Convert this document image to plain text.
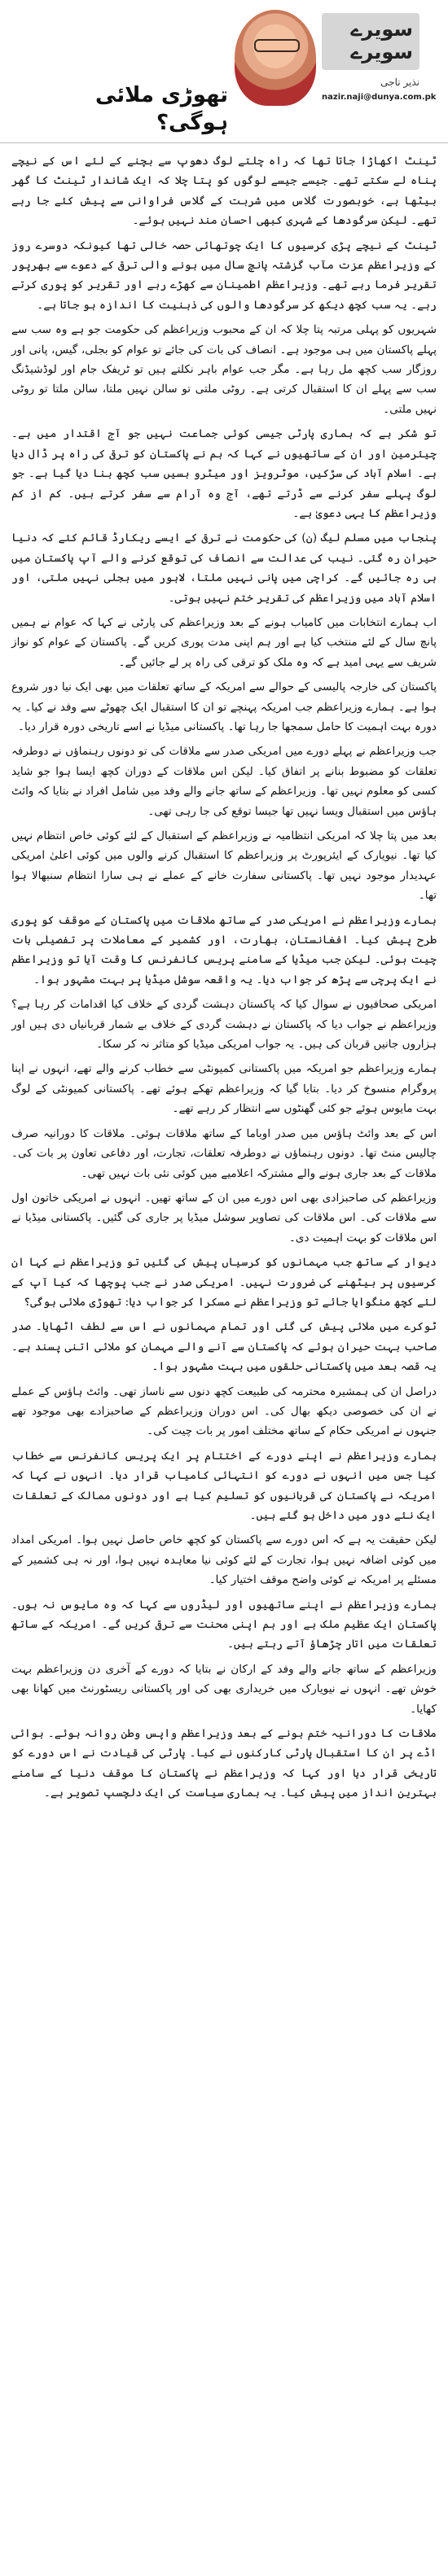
سویرے
سویرے
نذیر ناجی
nazir.naji@dunya.com.pk
تھوڑی ملائی ہوگی؟

ٹینٹ اکھاڑا جاتا تھا کہ راہ چلتے لوگ دھوپ سے بچنے کے لئے اس کے نیچے پناہ لے سکتے تھے۔ جیسے جیسے لوگوں کو پتا چلا کہ ایک شاندار ٹینٹ کا گھر بیٹھا ہے، خوبصورت گلاس میں شربت کے گلاس فراوانی سے پیش کئے جا رہے تھے۔ لیکن سرگودھا کے شہری کبھی احسان مند نہیں ہوئے۔

ٹینٹ کے نیچے پڑی کرسیوں کا ایک چوتھائی حصہ خالی تھا کیونکہ دوسرے روز کے وزیراعظم عزت مآب گزشتہ پانچ سال میں ہونے والی ترقی کے دعوے سے بھرپور تقریر فرما رہے تھے۔ وزیراعظم اطمینان سے کھڑے رہے اور تقریر کو پوری کرتے رہے۔ یہ سب کچھ دیکھ کر سرگودھا والوں کی ذہنیت کا اندازہ ہو جاتا ہے۔

شہریوں کو پہلی مرتبہ پتا چلا کہ ان کے محبوب وزیراعظم کی حکومت جو ہے وہ سب سے پہلے پاکستان میں ہی موجود ہے۔ انصاف کی بات کی جائے تو عوام کو بجلی، گیس، پانی اور روزگار سب کچھ مل رہا ہے۔ مگر جب عوام باہر نکلتے ہیں تو ٹریفک جام اور لوڈشیڈنگ سب سے پہلے ان کا استقبال کرتی ہے۔ روٹی ملتی تو سالن نہیں ملتا، سالن ملتا تو روٹی نہیں ملتی۔

تو شکر ہے کہ ہماری پارٹی جیسی کوئی جماعت نہیں جو آج اقتدار میں ہے۔ چیئرمین اور ان کے ساتھیوں نے کہا کہ ہم نے پاکستان کو ترقی کی راہ پر ڈال دیا ہے۔ اسلام آباد کی سڑکیں، موٹرویز اور میٹرو بسیں سب کچھ بنا دیا گیا ہے۔ جو لوگ پہلے سفر کرنے سے ڈرتے تھے، آج وہ آرام سے سفر کرتے ہیں۔ کم از کم وزیراعظم کا یہی دعویٰ ہے۔

پنجاب میں مسلم لیگ (ن) کی حکومت نے ترقی کے ایسے ریکارڈ قائم کئے کہ دنیا حیران رہ گئی۔ نیب کی عدالت سے انصاف کی توقع کرنے والے آپ پاکستان میں ہی رہ جائیں گے۔ کراچی میں پانی نہیں ملتا، لاہور میں بجلی نہیں ملتی، اور اسلام آباد میں وزیراعظم کی تقریر ختم نہیں ہوتی۔

اب ہمارے انتخابات میں کامیاب ہونے کے بعد وزیراعظم کی پارٹی نے کہا کہ عوام نے ہمیں پانچ سال کے لئے منتخب کیا ہے اور ہم اپنی مدت پوری کریں گے۔ پاکستان کے عوام کو نواز شریف سے یہی امید ہے کہ وہ ملک کو ترقی کی راہ پر لے جائیں گے۔

پاکستان کی خارجہ پالیسی کے حوالے سے امریکہ کے ساتھ تعلقات میں بھی ایک نیا دور شروع ہوا ہے۔ ہمارے وزیراعظم جب امریکہ پہنچے تو ان کا استقبال ایک چھوٹے سے وفد نے کیا۔ یہ دورہ بہت اہمیت کا حامل سمجھا جا رہا تھا۔ پاکستانی میڈیا نے اسے تاریخی دورہ قرار دیا۔

جب وزیراعظم نے پہلے دورے میں امریکی صدر سے ملاقات کی تو دونوں رہنماؤں نے دوطرفہ تعلقات کو مضبوط بنانے پر اتفاق کیا۔ لیکن اس ملاقات کے دوران کچھ ایسا ہوا جو شاید کسی کو معلوم نہیں تھا۔ وزیراعظم کے ساتھ جانے والے وفد میں شامل افراد نے بتایا کہ وائٹ ہاؤس میں استقبال ویسا نہیں تھا جیسا توقع کی جا رہی تھی۔

بعد میں پتا چلا کہ امریکی انتظامیہ نے وزیراعظم کے استقبال کے لئے کوئی خاص انتظام نہیں کیا تھا۔ نیویارک کے ایئرپورٹ پر وزیراعظم کا استقبال کرنے والوں میں کوئی اعلیٰ امریکی عہدیدار موجود نہیں تھا۔ پاکستانی سفارت خانے کے عملے نے ہی سارا انتظام سنبھالا ہوا تھا۔

ہمارے وزیراعظم نے امریکی صدر کے ساتھ ملاقات میں پاکستان کے موقف کو پوری طرح پیش کیا۔ افغانستان، بھارت، اور کشمیر کے معاملات پر تفصیلی بات چیت ہوئی۔ لیکن جب میڈیا کے سامنے پریس کانفرنس کا وقت آیا تو وزیراعظم نے ایک پرچی سے پڑھ کر جواب دیا۔ یہ واقعہ سوشل میڈیا پر بہت مشہور ہوا۔

امریکی صحافیوں نے سوال کیا کہ پاکستان دہشت گردی کے خلاف کیا اقدامات کر رہا ہے؟ وزیراعظم نے جواب دیا کہ پاکستان نے دہشت گردی کے خلاف بے شمار قربانیاں دی ہیں اور ہزاروں جانیں قربان کی ہیں۔ یہ جواب امریکی میڈیا کو متاثر نہ کر سکا۔

ہمارے وزیراعظم جو امریکہ میں پاکستانی کمیونٹی سے خطاب کرنے والے تھے، انہوں نے اپنا پروگرام منسوخ کر دیا۔ بتایا گیا کہ وزیراعظم تھکے ہوئے تھے۔ پاکستانی کمیونٹی کے لوگ بہت مایوس ہوئے جو کئی گھنٹوں سے انتظار کر رہے تھے۔

اس کے بعد وائٹ ہاؤس میں صدر اوباما کے ساتھ ملاقات ہوئی۔ ملاقات کا دورانیہ صرف چالیس منٹ تھا۔ دونوں رہنماؤں نے دوطرفہ تعلقات، تجارت، اور دفاعی تعاون پر بات کی۔ ملاقات کے بعد جاری ہونے والے مشترکہ اعلامیے میں کوئی نئی بات نہیں تھی۔

وزیراعظم کی صاحبزادی بھی اس دورے میں ان کے ساتھ تھیں۔ انہوں نے امریکی خاتون اول سے ملاقات کی۔ اس ملاقات کی تصاویر سوشل میڈیا پر جاری کی گئیں۔ پاکستانی میڈیا نے اس ملاقات کو بہت اہمیت دی۔

دیوار کے ساتھ جب مہمانوں کو کرسیاں پیش کی گئیں تو وزیراعظم نے کہا ان کرسیوں پر بیٹھنے کی ضرورت نہیں۔ امریکی صدر نے جب پوچھا کہ کیا آپ کے لئے کچھ منگوایا جائے تو وزیراعظم نے مسکرا کر جواب دیا: تھوڑی ملائی ہوگی؟

ٹوکرے میں ملائی پیش کی گئی اور تمام مہمانوں نے اس سے لطف اٹھایا۔ صدر صاحب بہت حیران ہوئے کہ پاکستان سے آنے والے مہمان کو ملائی اتنی پسند ہے۔ یہ قصہ بعد میں پاکستانی حلقوں میں بہت مشہور ہوا۔

دراصل ان کی ہمشیرہ محترمہ کی طبیعت کچھ دنوں سے ناساز تھی۔ وائٹ ہاؤس کے عملے نے ان کی خصوصی دیکھ بھال کی۔ اس دوران وزیراعظم کے صاحبزادے بھی موجود تھے جنہوں نے امریکی حکام کے ساتھ مختلف امور پر بات چیت کی۔

ہمارے وزیراعظم نے اپنے دورے کے اختتام پر ایک پریس کانفرنس سے خطاب کیا جس میں انہوں نے دورے کو انتہائی کامیاب قرار دیا۔ انہوں نے کہا کہ امریکہ نے پاکستان کی قربانیوں کو تسلیم کیا ہے اور دونوں ممالک کے تعلقات ایک نئے دور میں داخل ہو گئے ہیں۔

لیکن حقیقت یہ ہے کہ اس دورے سے پاکستان کو کچھ خاص حاصل نہیں ہوا۔ امریکی امداد میں کوئی اضافہ نہیں ہوا، تجارت کے لئے کوئی نیا معاہدہ نہیں ہوا، اور نہ ہی کشمیر کے مسئلے پر امریکہ نے کوئی واضح موقف اختیار کیا۔

ہمارے وزیراعظم نے اپنے ساتھیوں اور لیڈروں سے کہا کہ وہ مایوس نہ ہوں۔ پاکستان ایک عظیم ملک ہے اور ہم اپنی محنت سے ترقی کریں گے۔ امریکہ کے ساتھ تعلقات میں اتار چڑھاؤ آتے رہتے ہیں۔

وزیراعظم کے ساتھ جانے والے وفد کے ارکان نے بتایا کہ دورے کے آخری دن وزیراعظم بہت خوش تھے۔ انہوں نے نیویارک میں خریداری بھی کی اور پاکستانی ریسٹورنٹ میں کھانا بھی کھایا۔

ملاقات کا دورانیہ ختم ہونے کے بعد وزیراعظم واپس وطن روانہ ہوئے۔ ہوائی اڈے پر ان کا استقبال پارٹی کارکنوں نے کیا۔ پارٹی کی قیادت نے اس دورے کو تاریخی قرار دیا اور کہا کہ وزیراعظم نے پاکستان کا موقف دنیا کے سامنے بہترین انداز میں پیش کیا۔ یہ ہماری سیاست کی ایک دلچسپ تصویر ہے۔
